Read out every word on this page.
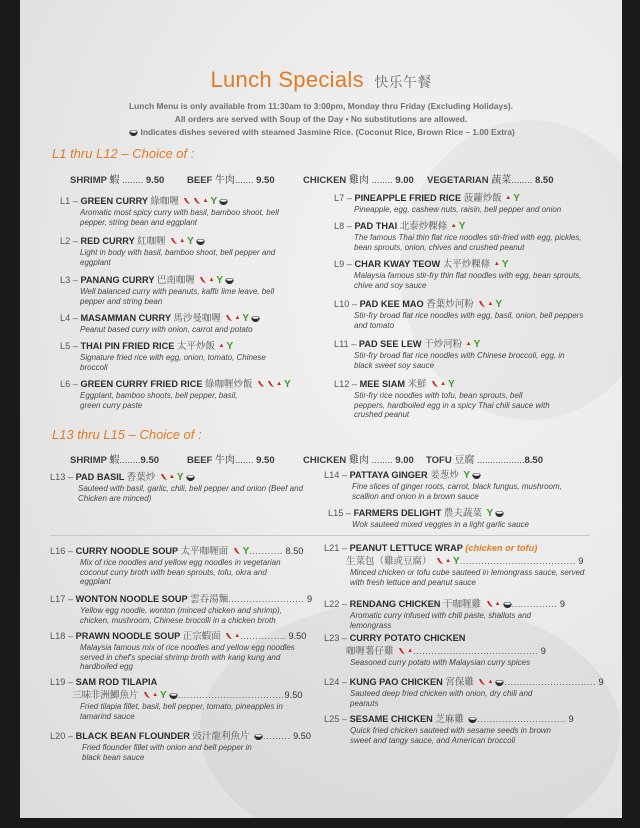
Lunch Specials 快乐午餐
Lunch Menu is only available from 11:30am to 3:00pm, Monday thru Friday (Excluding Holidays).
All orders are served with Soup of the Day • No substitutions are allowed.
Indicates dishes severed with steamed Jasmine Rice. (Coconut Rice, Brown Rice – 1.00 Extra)
L1 thru L12 – Choice of :
SHRIMP 蝦 ........ 9.50 BEEF 牛肉....... 9.50	CHICKEN 雞肉 ........ 9.00 VEGETARIAN 蔬菜........ 8.50
L1 – GREEN CURRY 綠咖喱	▲ Y
Aromatic most spicy curry with basil, bamboo shoot, bell pepper, string bean and eggplant
L2 – RED CURRY 紅咖喱 ▲ Y
Light in body with basil, bamboo shoot, bell pepper and eggplant
L3 – PANANG CURRY 巴南咖喱 ▲ Y
Well balanced curry with peanuts, kaffir lime leave, bell pepper and string bean
L4 – MASAMMAN CURRY 馬沙曼咖喱 ▲ Y
Peanut based curry with onion, carrot and potato
L5 – THAI PIN FRIED RICE 太平炒飯 ▲ Y
Signature fried rice with egg, onion, tomato, Chinese broccoli
L6 – GREEN CURRY FRIED RICE 綠咖喱炒飯	▲ Y
Eggplant, bamboo shoots, bell pepper, basil, green curry paste
L7 – PINEAPPLE FRIED RICE 菠蘿炒飯 ▲ Y
Pineapple, egg, cashew nuts, raisin, bell pepper and onion
L8 – PAD THAI 北泰炒粿條 ▲ Y
The famous Thai thin flat rice noodles stir-fried with egg, pickles, bean sprouts, onion, chives and crushed peanut
L9 – CHAR KWAY TEOW 太平炒粿條 ▲ Y
Malaysia famous stir-fry thin flat noodles with egg, bean sprouts, chive and soy sauce
L10 – PAD KEE MAO 香葉炒河粉 ▲ Y
Stir-fry broad flat rice noodles with egg, basil, onion, bell peppers and tomato
L11 – PAD SEE LEW 干炒河粉 ▲ Y
Stir-fry broad flat rice noodles with Chinese broccoli, egg, in black sweet soy sauce
L12 – MEE SIAM 米鮮 ▲ Y
Stir-fry rice noodles with tofu, bean sprouts, bell peppers, hardboiled egg in a spicy Thai chili sauce with crushed peanut
L13 thru L15 – Choice of :
SHRIMP 蝦........9.50	BEEF 牛肉....... 9.50	CHICKEN 雞肉 ........ 9.00 TOFU 豆腐 ..................8.50
L13 – PAD BASIL 香葉炒 ▲ Y
Sauteed with basil, garlic, chili, bell pepper and onion (Beef and Chicken are minced)
L14 – PATTAYA GINGER 姜葱炒 Y
Fine slices of ginger roots, carrot, black fungus, mushroom, scallion and onion in a brown sauce
L15 – FARMERS DELIGHT 農夫蔬菜 Y
Wok sauteed mixed veggies in a light garlic sauce
L16 – CURRY NOODLE SOUP 太平咖喱面 Y........... 8.50
Mix of rice noodles and yellow egg noodles in vegetarian coconut curry broth with bean sprouts, tofu, okra and eggplant
L17 – WONTON NOODLE SOUP 雲吞湯麵......................... 9
Yellow egg noodle, wonton (minced chicken and shrimp), chicken, mushroom, Chinese brocolli in a chicken broth
L18 – PRAWN NOODLE SOUP 正宗蝦面 ▲............... 9.50
Malaysia famous mix of rice noodles and yellow egg noodles served in chef's special shrimp broth with kang kung and hardboiled egg
L19 – SAM ROD TILAPIA
三味非洲鯽魚片 ▲ Y ...................................9.50
Fried tilapia fillet, basil, bell pepper, tomato, pineapples in tamarind sauce
L20 – BLACK BEAN FLOUNDER 豉汁龍利魚片 ......... 9.50
Fried flounder fillet with onion and bell pepper in black bean sauce
L21 – PEANUT LETTUCE WRAP (chicken or tofu)
生菜包（雞或豆腐） ▲ Y...................................... 9
Minced chicken or tofu cube sauteed in lemongrass sauce, served with fresh lettuce and peanut sauce
L22 – RENDANG CHICKEN 干咖喱雞 ▲ ............... 9
Aromatic curry infused with chili paste, shallots and lemongrass
L23 – CURRY POTATO CHICKEN
咖喱薯仔雞 ▲......................................... 9
Seasoned curry potato with Malaysian curry spices
L24 – KUNG PAO CHICKEN 宮保雞 ▲ .............................. 9
Sauteed deep fried chicken with onion, dry chili and peanuts
L25 – SESAME CHICKEN 芝麻雞 ............................. 9
Quick fried chicken sauteed with sesame seeds in brown sweet and tangy sauce, and American broccoli
